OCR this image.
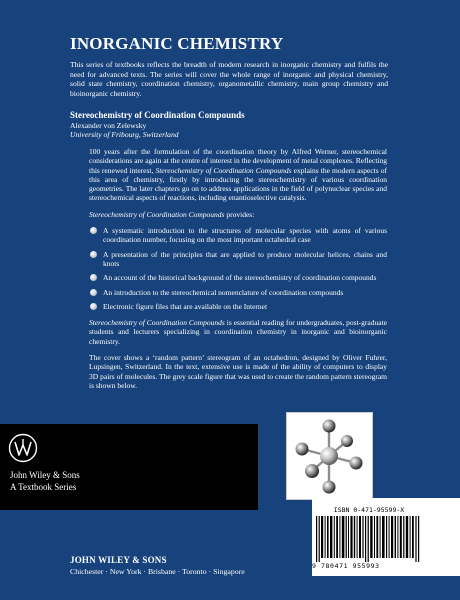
INORGANIC CHEMISTRY
This series of textbooks reflects the breadth of modern research in inorganic chemistry and fulfils the need for advanced texts. The series will cover the whole range of inorganic and physical chemistry, solid state chemistry, coordination chemistry, organometallic chemistry, main group chemistry and bioinorganic chemistry.
Stereochemistry of Coordination Compounds
Alexander von Zelewsky
University of Fribourg, Switzerland

100 years after the formulation of the coordination theory by Alfred Werner, stereochemical considerations are again at the centre of interest in the development of metal complexes. Reflecting this renewed interest, Stereochemistry of Coordination Compounds explains the modern aspects of this area of chemistry, firstly by introducing the stereochemistry of various coordination geometries. The later chapters go on to address applications in the field of polynuclear species and stereochemical aspects of reactions, including enantioselective catalysis.

Stereochemistry of Coordination Compounds provides:

A systematic introduction to the structures of molecular species with atoms of various coordination number, focusing on the most important octahedral case
A presentation of the principles that are applied to produce molecular helices, chains and knots
An account of the historical background of the stereochemistry of coordination compounds
An introduction to the stereochemical nomenclature of coordination compounds
Electronic figure files that are available on the Internet

Stereochemistry of Coordination Compounds is essential reading for undergraduates, post-graduate students and lecturers specializing in coordination chemistry in inorganic and bioinorganic chemistry.

The cover shows a ‘random pattern’ stereogram of an octahedron, designed by Oliver Fuhrer, Lupsingen, Switzerland. In the text, extensive use is made of the ability of computers to display 3D pairs of molecules. The grey scale figure that was used to create the random pattern stereogram is shown below.

John Wiley & Sons
A Textbook Series
ISBN 0-471-95599-X
9 780471 955993
JOHN WILEY & SONS
Chichester · New York · Brisbane · Toronto · Singapore
